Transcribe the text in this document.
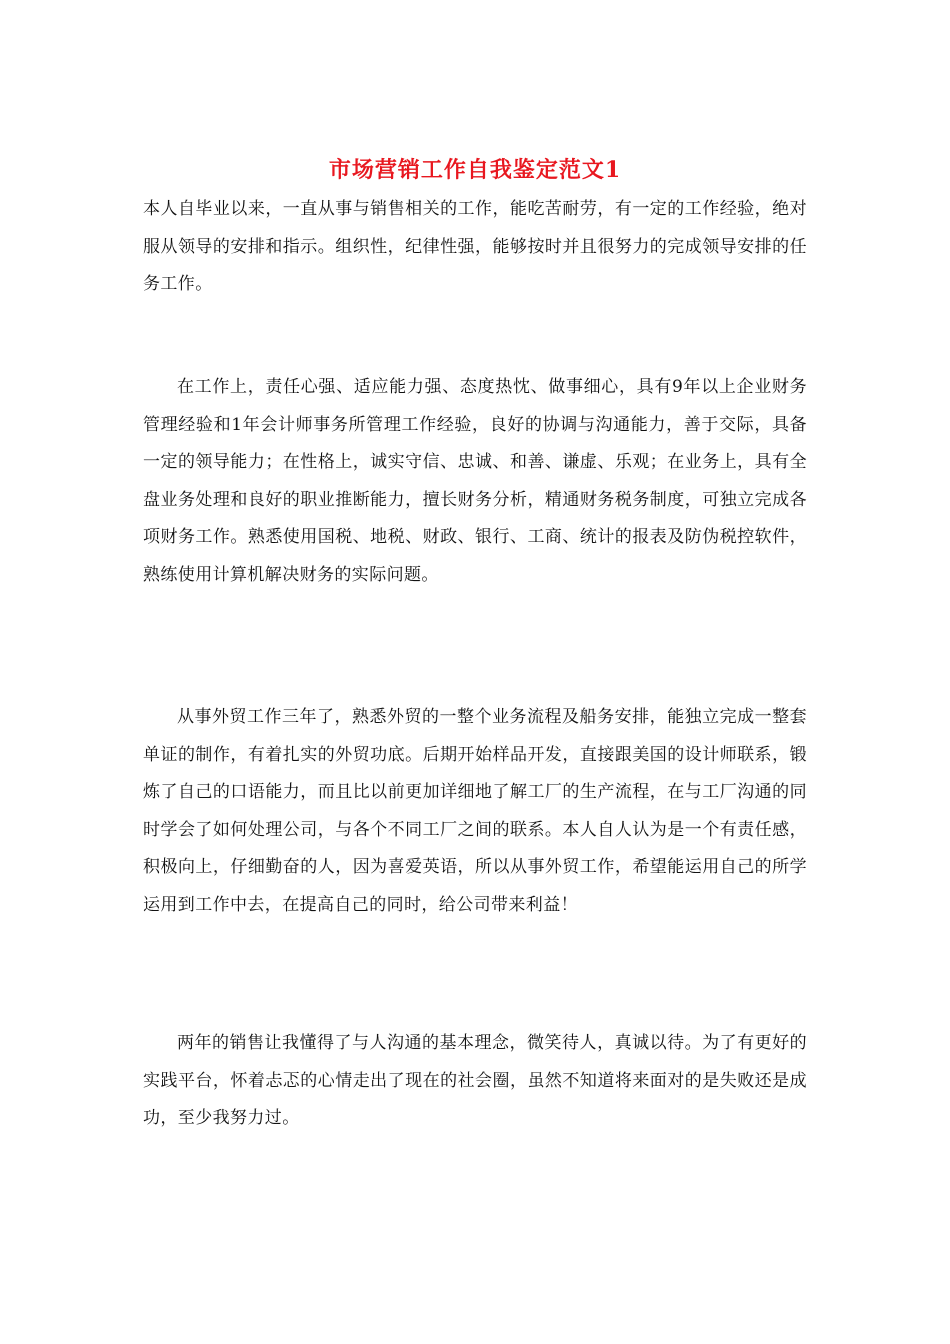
市场营销工作自我鉴定范文1

本人自毕业以来，一直从事与销售相关的工作，能吃苦耐劳，有一定的工作经验，绝对服从领导的安排和指示。组织性，纪律性强，能够按时并且很努力的完成领导安排的任务工作。

在工作上，责任心强、适应能力强、态度热忱、做事细心，具有9年以上企业财务管理经验和1年会计师事务所管理工作经验，良好的协调与沟通能力，善于交际，具备一定的领导能力；在性格上，诚实守信、忠诚、和善、谦虚、乐观；在业务上，具有全盘业务处理和良好的职业推断能力，擅长财务分析，精通财务税务制度，可独立完成各项财务工作。熟悉使用国税、地税、财政、银行、工商、统计的报表及防伪税控软件，熟练使用计算机解决财务的实际问题。

从事外贸工作三年了，熟悉外贸的一整个业务流程及船务安排，能独立完成一整套单证的制作，有着扎实的外贸功底。后期开始样品开发，直接跟美国的设计师联系，锻炼了自己的口语能力，而且比以前更加详细地了解工厂的生产流程，在与工厂沟通的同时学会了如何处理公司，与各个不同工厂之间的联系。本人自人认为是一个有责任感，积极向上，仔细勤奋的人，因为喜爱英语，所以从事外贸工作，希望能运用自己的所学运用到工作中去，在提高自己的同时，给公司带来利益！

两年的销售让我懂得了与人沟通的基本理念，微笑待人，真诚以待。为了有更好的实践平台，怀着忐忑的心情走出了现在的社会圈，虽然不知道将来面对的是失败还是成功，至少我努力过。
